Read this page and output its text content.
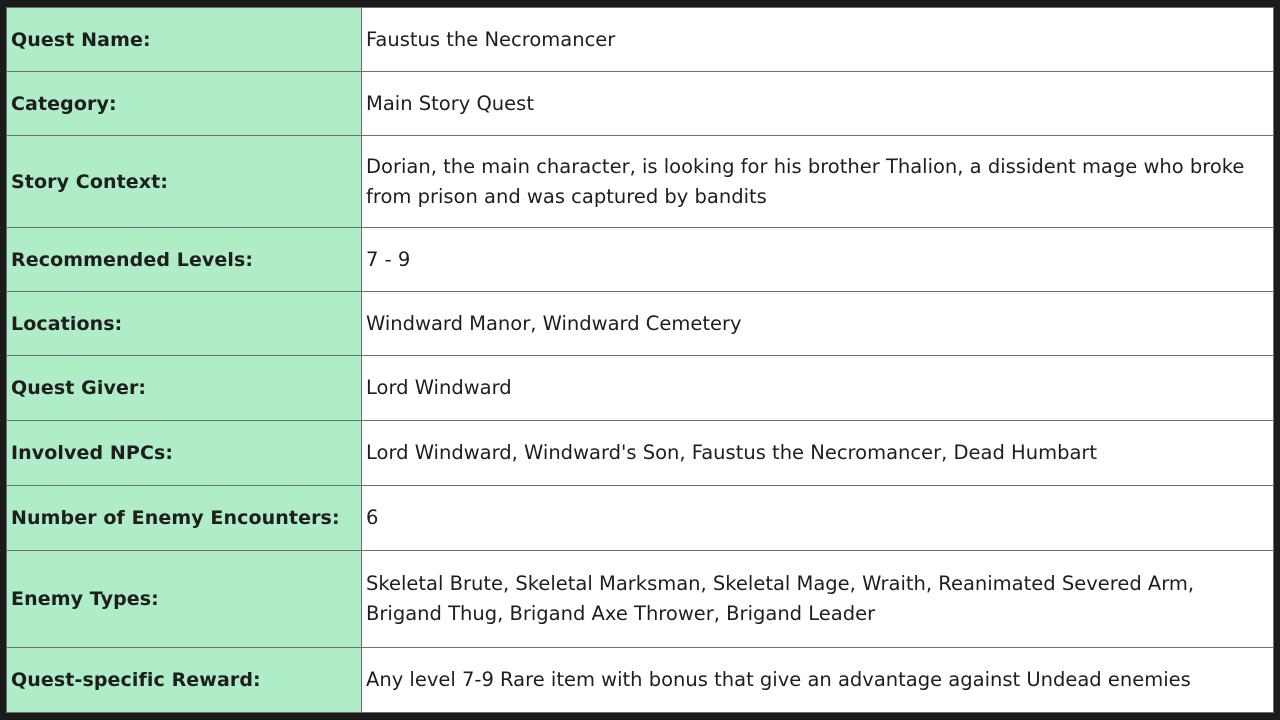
Quest Name:	Faustus the Necromancer
Category:	Main Story Quest
Story Context:	Dorian, the main character, is looking for his brother Thalion, a dissident mage who broke from prison and was captured by bandits
Recommended Levels:	7 - 9
Locations:	Windward Manor, Windward Cemetery
Quest Giver:	Lord Windward
Involved NPCs:	Lord Windward, Windward's Son, Faustus the Necromancer, Dead Humbart
Number of Enemy Encounters:	6
Enemy Types:	Skeletal Brute, Skeletal Marksman, Skeletal Mage, Wraith, Reanimated Severed Arm, Brigand Thug, Brigand Axe Thrower, Brigand Leader
Quest-specific Reward:	Any level 7-9 Rare item with bonus that give an advantage against Undead enemies
